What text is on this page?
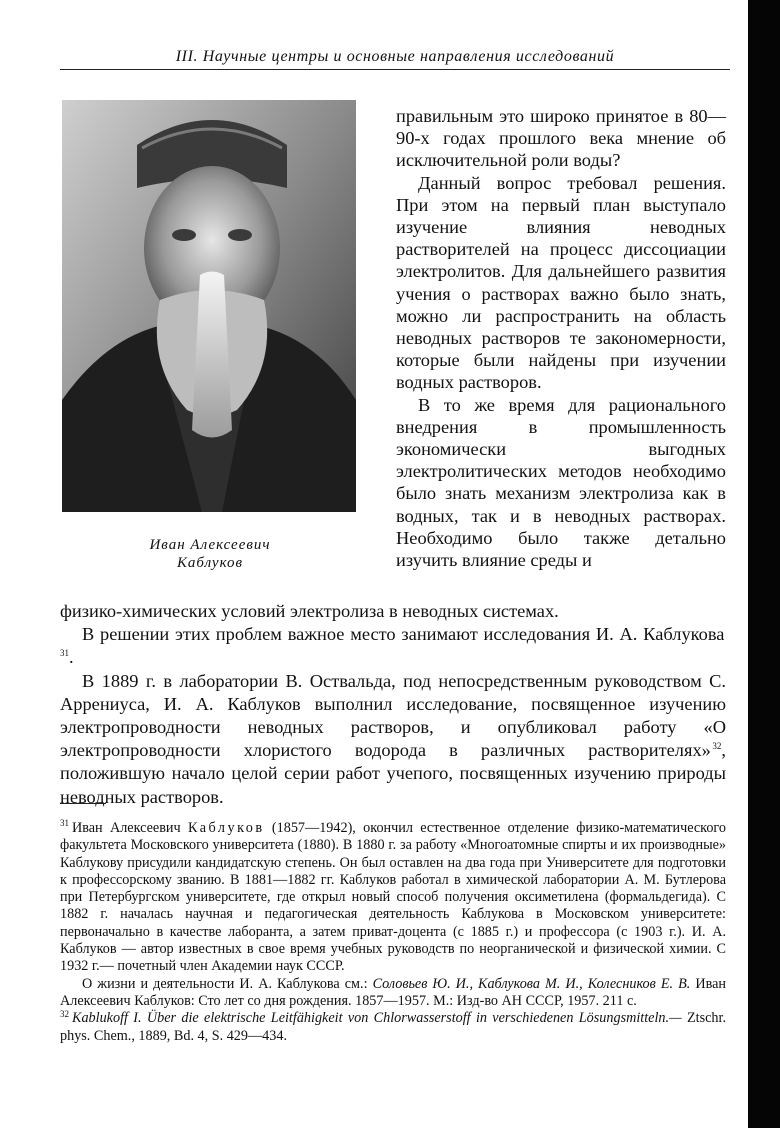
III. Научные центры и основные направления исследований
Иван Алексеевич
Каблуков

правильным это широко принятое в 80—90-х годах прошлого века мнение об исключительной роли воды?

Данный вопрос требовал решения. При этом на первый план выступало изучение влияния неводных растворителей на процесс диссоциации электролитов. Для дальнейшего развития учения о растворах важно было знать, можно ли распространить на область неводных растворов те закономерности, которые были найдены при изучении водных растворов.

В то же время для рационального внедрения в промышленность экономически выгодных электролитических методов необходимо было знать механизм электролиза как в водных, так и в неводных растворах. Необходимо было также детально изучить влияние среды и

физико-химических условий электролиза в неводных системах.

В решении этих проблем важное место занимают исследования И. А. Каблукова $^{31}$.

В 1889 г. в лаборатории В. Оствальда, под непосредственным руководством С. Аррениуса, И. А. Каблуков выполнил исследование, посвященное изучению электропроводности неводных растворов, и опубликовал работу «О электропроводности хлористого водорода в различных растворителях»  $^{32}$, положившую начало целой серии работ учепого, посвященных изучению природы неводных растворов.

$^{31}$ Иван Алексеевич Каблуков (1857—1942), окончил естественное отделение физико-математического факультета Московского университета (1880). В 1880 г. за работу «Многоатомные спирты и их производные» Каблукову присудили кандидатскую степень. Он был оставлен на два года при Университете для подготовки к профессорскому званию. В 1881—1882 гг. Каблуков работал в химической лаборатории А. М. Бутлерова при Петербургском университете, где открыл новый способ получения оксиметилена (формальдегида). С 1882 г. началась научная и педагогическая деятельность Каблукова в Московском университете: первоначально в качестве лаборанта, а затем приват-доцента (с 1885 г.) и профессора (с 1903 г.). И. А. Каблуков — автор известных в свое время учебных руководств по неорганической и физической химии. С 1932 г.— почетный член Академии наук СССР.

О жизни и деятельности И. А. Каблукова см.: Соловьев Ю. И., Каблукова М. И., Колесников Е. В. Иван Алексеевич Каблуков: Сто лет со дня рождения. 1857—1957. М.: Изд-во АН СССР, 1957. 211 с.

$^{32}$ Kablukoff I. Über die elektrische Leitfähigkeit von Chlorwasserstoff in verschiedenen Lösungsmitteln.— Ztschr. phys. Chem., 1889, Bd. 4, S. 429—434.
